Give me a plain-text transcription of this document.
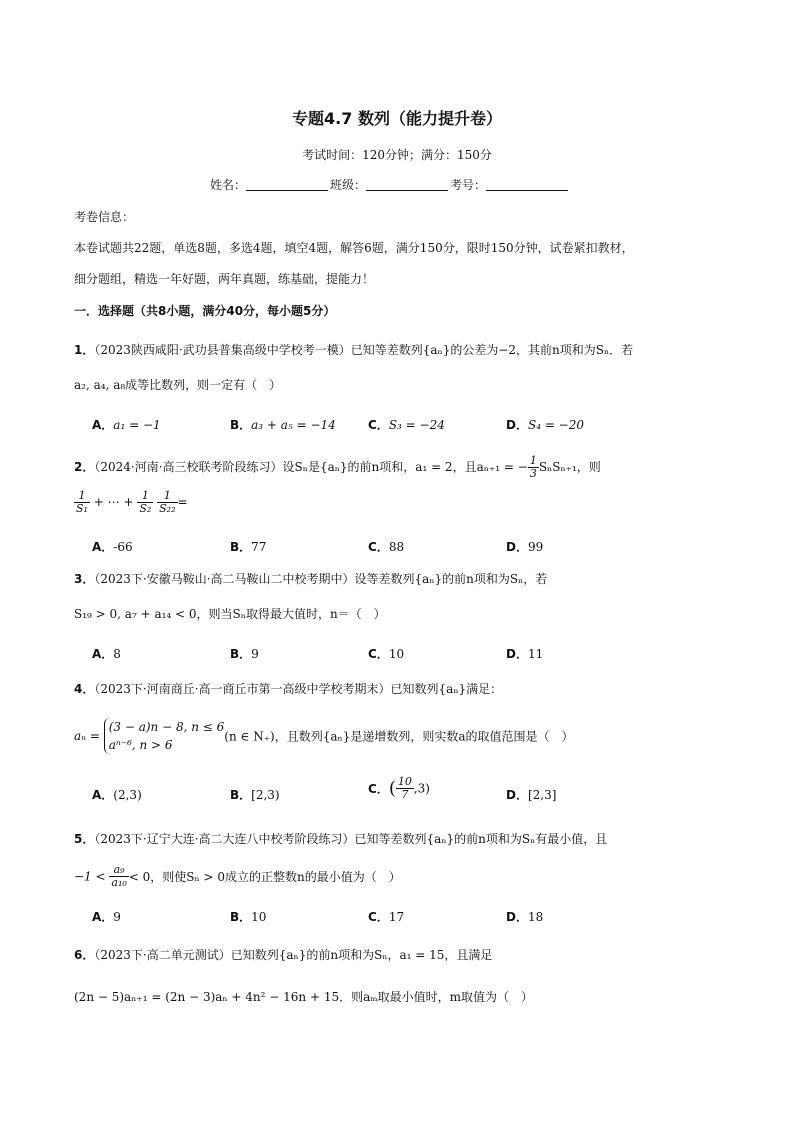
专题4.7 数列（能力提升卷）
考试时间：120分钟；满分：150分
姓名：	班级：	考号：
考卷信息：
本卷试题共22题，单选8题，多选4题，填空4题，解答6题，满分150分，限时150分钟，试卷紧扣教材，
细分题组，精选一年好题，两年真题，练基础，提能力！
一．选择题（共8小题，满分40分，每小题5分）
1．（2023陕西咸阳·武功县普集高级中学校考一模）已知等差数列{aₙ}的公差为−2，其前n项和为Sₙ．若
a₂, a₄, a₈成等比数列，则一定有（　）
A．a₁ = −1	B．a₃ + a₅ = −14	C．S₃ = −24	D．S₄ = −20
2．（2024·河南·高三校联考阶段练习）设Sₙ是{aₙ}的前n项和，a₁ = 2，且aₙ₊₁ = − $\frac{1}{3} S_nS_{n+1}$，则
$\frac{1}{\text{S₁}}$ + ⋯ + $\frac{1}{\text{S₂}}$
$\frac{1}{\text{S₂₂}}$ =
A．-66	B．77	C．88	D．99
3．（2023下·安徽马鞍山·高二马鞍山二中校考期中）设等差数列{aₙ}的前n项和为Sₙ，若
S₁₉ > 0, a₇ + a₁₄ < 0，则当Sₙ取得最大值时，n＝（　）
A．8	B．9	C．10	D．11
4．（2023下·河南商丘·高一商丘市第一高级中学校考期末）已知数列{aₙ}满足：
aₙ =
(3 − a)n − 8, n ≤ 6
aⁿ⁻⁶, n > 6
(n ∈ N₊)，且数列{aₙ}是递增数列，则实数a的取值范围是（　）
A．(2,3)	B．[2,3)	C．( $\frac{10}{7} ,3$)	D．[2,3]
5．（2023下·辽宁大连·高二大连八中校考阶段练习）已知等差数列{aₙ}的前n项和为Sₙ有最小值，且
$-1 < \frac{\text{a₉}}{\text{a₁₀}} < 0$，则使Sₙ > 0成立的正整数n的最小值为（　）
A．9	B．10	C．17	D．18
6．（2023下·高二单元测试）已知数列{aₙ}的前n项和为Sₙ，a₁ = 15，且满足
(2n − 5)aₙ₊₁ = (2n − 3)aₙ + 4n² − 16n + 15．则aₘ取最小值时，m取值为（　）
